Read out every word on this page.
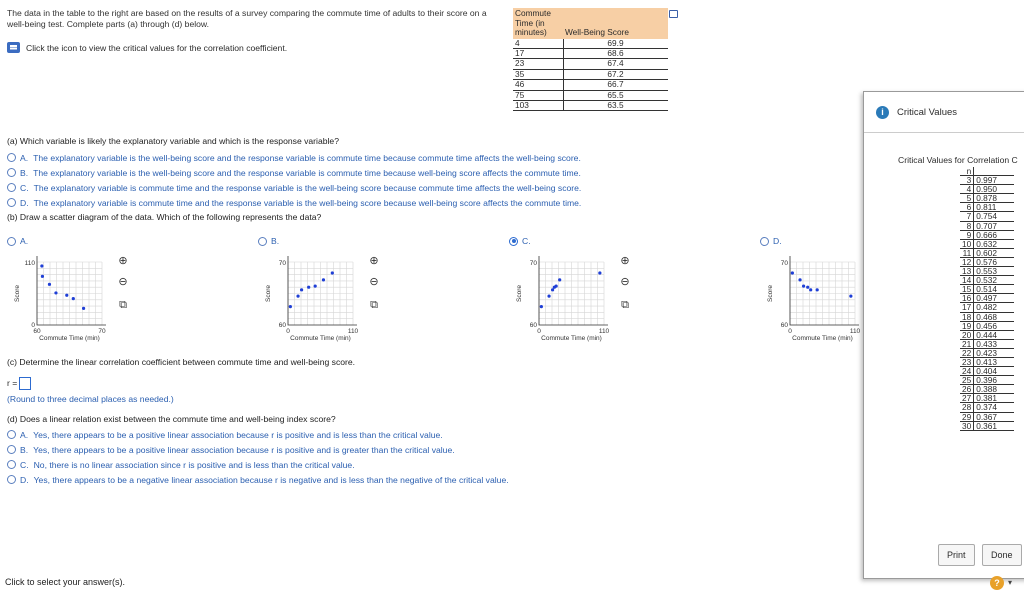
The data in the table to the right are based on the results of a survey comparing the commute time of adults to their score on a well-being test. Complete parts (a) through (d) below.
Click the icon to view the critical values for the correlation coefficient.
Commute Time (in minutes)	Well-Being Score
4	69.9
17	68.6
23	67.4
35	67.2
46	66.7
75	65.5
103	63.5
(a) Which variable is likely the explanatory variable and which is the response variable?
A. The explanatory variable is the well-being score and the response variable is commute time because commute time affects the well-being score.
B. The explanatory variable is the well-being score and the response variable is commute time because well-being score affects the commute time.
C. The explanatory variable is commute time and the response variable is the well-being score because commute time affects the well-being score.
D. The explanatory variable is commute time and the response variable is the well-being score because well-being score affects the commute time.
(b) Draw a scatter diagram of the data. Which of the following represents the data?
A.
110
0
60	70
Commute Time (min)
Score
⊕
⊖
⧉
B.
70
60
0	110
Commute Time (min)
Score
⊕
⊖
⧉
C.
70
60
0	110
Commute Time (min)
Score
⊕
⊖
⧉
D.
70
60
0	110
Commute Time (min)
Score
(c) Determine the linear correlation coefficient between commute time and well-being score.
r =
(Round to three decimal places as needed.)
(d) Does a linear relation exist between the commute time and well-being index score?
A. Yes, there appears to be a positive linear association because r is positive and is less than the critical value.
B. Yes, there appears to be a positive linear association because r is positive and is greater than the critical value.
C. No, there is no linear association since r is positive and is less than the critical value.
D. Yes, there appears to be a negative linear association because r is negative and is less than the negative of the critical value.
i	Critical Values
Critical Values for Correlation C
n	
3	0.997
4	0.950
5	0.878
6	0.811
7	0.754
8	0.707
9	0.666
10	0.632
11	0.602
12	0.576
13	0.553
14	0.532
15	0.514
16	0.497
17	0.482
18	0.468
19	0.456
20	0.444
21	0.433
22	0.423
23	0.413
24	0.404
25	0.396
26	0.388
27	0.381
28	0.374
29	0.367
30	0.361
Print	Done
Click to select your answer(s).	?	▾
